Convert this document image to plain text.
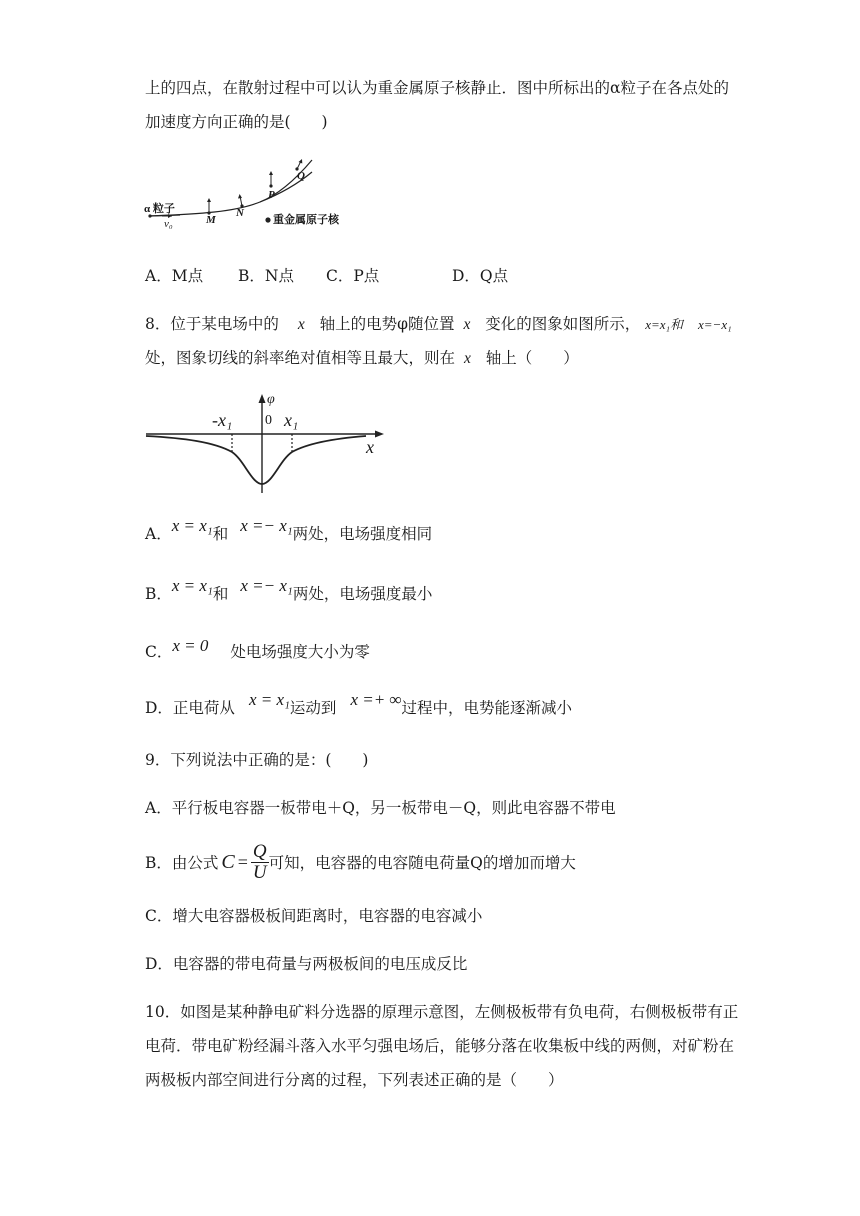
上的四点，在散射过程中可以认为重金属原子核静止．图中所标出的α粒子在各点处的
加速度方向正确的是(　　)
α 粒子
v₀	M
N
P
Q
重金属原子核
A．M点 B．N点 C．P点	D．Q点
8．位于某电场中的 x 轴上的电势φ随位置 x 变化的图象如图所示， x=x₁和 x=−x₁
处，图象切线的斜率绝对值相等且最大，则在 x 轴上（　　）
φ
-x₁ 0 x₁
x
A．x = x₁和 x =− x₁两处，电场强度相同
B．x = x₁和 x =− x₁两处，电场强度最小
C．x = 0 处电场强度大小为零
D．正电荷从 x = x₁运动到 x =+ ∞过程中，电势能逐渐减小
9．下列说法中正确的是：(　　)
A．平行板电容器一板带电＋Q，另一板带电－Q，则此电容器不带电
B．由公式 $C = \frac{Q}{U}$ 可知，电容器的电容随电荷量Q的增加而增大
C．增大电容器极板间距离时，电容器的电容减小
D．电容器的带电荷量与两极板间的电压成反比
10．如图是某种静电矿料分选器的原理示意图，左侧极板带有负电荷，右侧极板带有正
电荷．带电矿粉经漏斗落入水平匀强电场后，能够分落在收集板中线的两侧，对矿粉在
两极板内部空间进行分离的过程，下列表述正确的是（　　）
